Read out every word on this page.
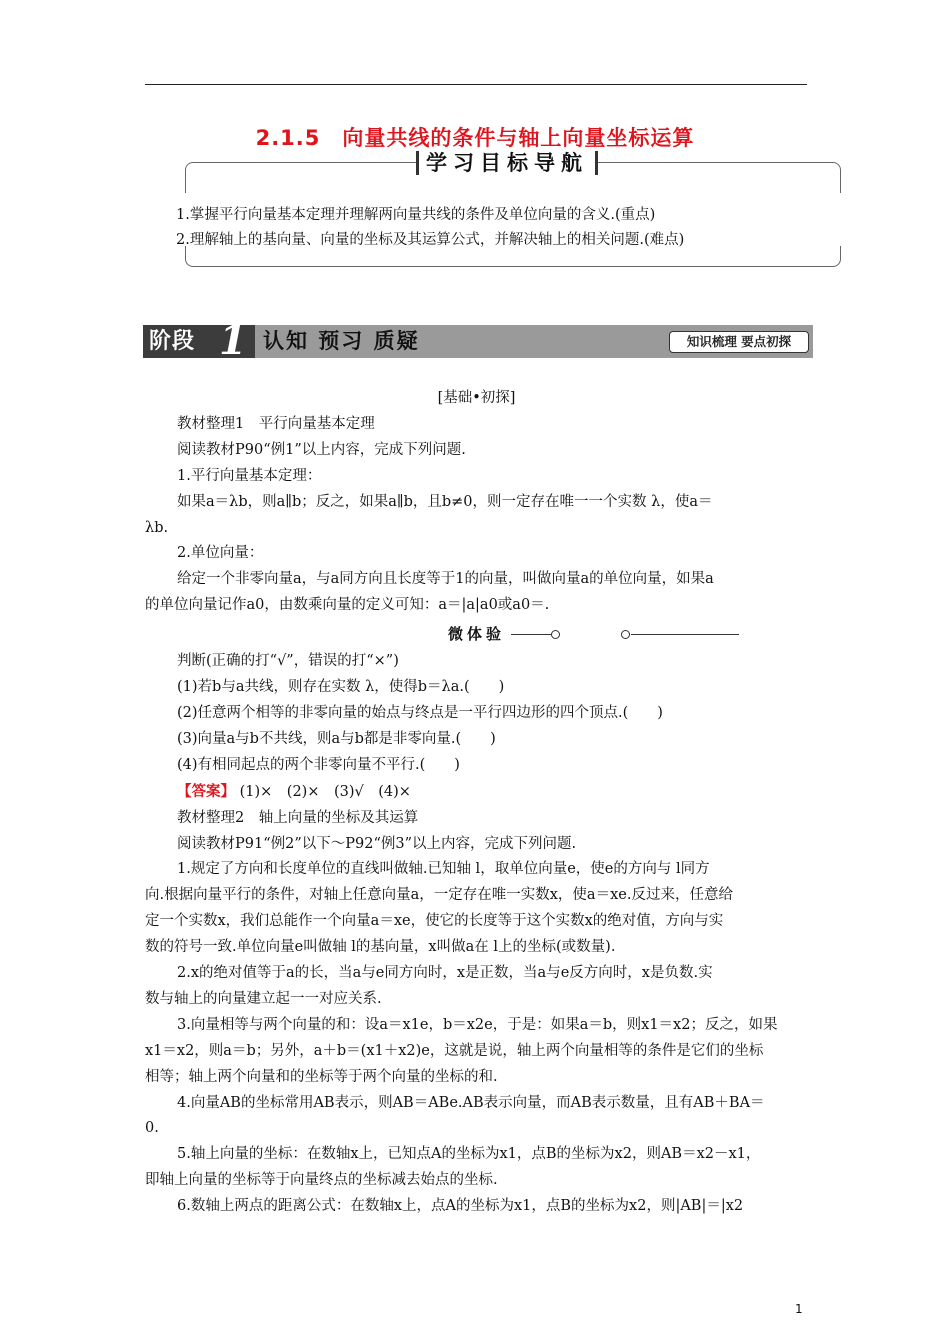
2.1.5　向量共线的条件与轴上向量坐标运算
学习目标导航
1.掌握平行向量基本定理并理解两向量共线的条件及单位向量的含义.(重点)
2.理解轴上的基向量、向量的坐标及其运算公式，并解决轴上的相关问题.(难点)
阶段 1 认知 预习 质疑	知识梳理 要点初探

[基础•初探]

教材整理1　平行向量基本定理

阅读教材P90“例1”以上内容，完成下列问题.

1.平行向量基本定理：

如果a＝λb，则a∥b；反之，如果a∥b，且b≠0，则一定存在唯一一个实数 λ，使a＝

λb.

2.单位向量：

给定一个非零向量a，与a同方向且长度等于1的向量，叫做向量a的单位向量，如果a

的单位向量记作a0，由数乘向量的定义可知：a＝|a|a0或a0＝.

微体验

判断(正确的打“√”，错误的打“×”)

(1)若b与a共线，则存在实数 λ，使得b＝λa.(　　)

(2)任意两个相等的非零向量的始点与终点是一平行四边形的四个顶点.(　　)

(3)向量a与b不共线，则a与b都是非零向量.(　　)

(4)有相同起点的两个非零向量不平行.(　　)

【答案】 (1)×　(2)×　(3)√　(4)×

教材整理2　轴上向量的坐标及其运算

阅读教材P91“例2”以下～P92“例3”以上内容，完成下列问题.

1.规定了方向和长度单位的直线叫做轴.已知轴 l，取单位向量e，使e的方向与 l同方

向.根据向量平行的条件，对轴上任意向量a，一定存在唯一实数x，使a＝xe.反过来，任意给

定一个实数x，我们总能作一个向量a＝xe，使它的长度等于这个实数x的绝对值，方向与实

数的符号一致.单位向量e叫做轴 l的基向量，x叫做a在 l上的坐标(或数量).

2.x的绝对值等于a的长，当a与e同方向时，x是正数，当a与e反方向时，x是负数.实

数与轴上的向量建立起一一对应关系.

3.向量相等与两个向量的和：设a＝x1e，b＝x2e，于是：如果a＝b，则x1＝x2；反之，如果

x1＝x2，则a＝b；另外，a＋b＝(x1＋x2)e，这就是说，轴上两个向量相等的条件是它们的坐标

相等；轴上两个向量和的坐标等于两个向量的坐标的和.

4.向量AB的坐标常用AB表示，则AB＝ABe.AB表示向量，而AB表示数量，且有AB＋BA＝

0.

5.轴上向量的坐标：在数轴x上，已知点A的坐标为x1，点B的坐标为x2，则AB＝x2－x1，

即轴上向量的坐标等于向量终点的坐标减去始点的坐标.

6.数轴上两点的距离公式：在数轴x上，点A的坐标为x1，点B的坐标为x2，则|AB|＝|x2

1
